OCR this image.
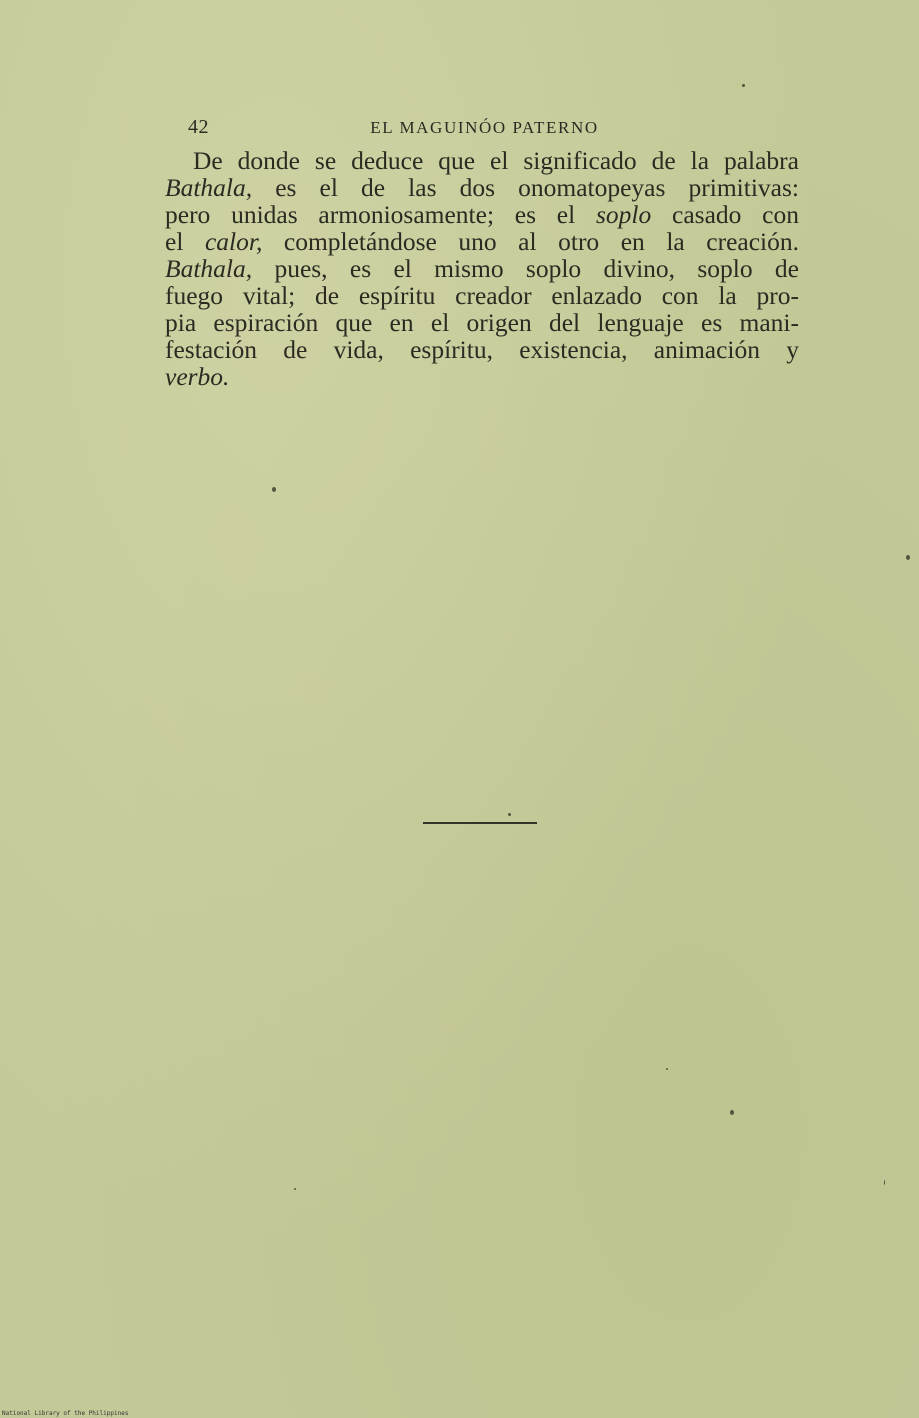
42	EL MAGUINÓO PATERNO
De donde se deduce que el significado de la palabra
Bathala, es el de las dos onomatopeyas primitivas:
pero unidas armoniosamente; es el soplo casado con
el calor, completándose uno al otro en la creación.
Bathala, pues, es el mismo soplo divino, soplo de
fuego vital; de espíritu creador enlazado con la pro-
pia espiración que en el origen del lenguaje es mani-
festación de vida, espíritu, existencia, animación y
verbo.
National Library of the Philippines
